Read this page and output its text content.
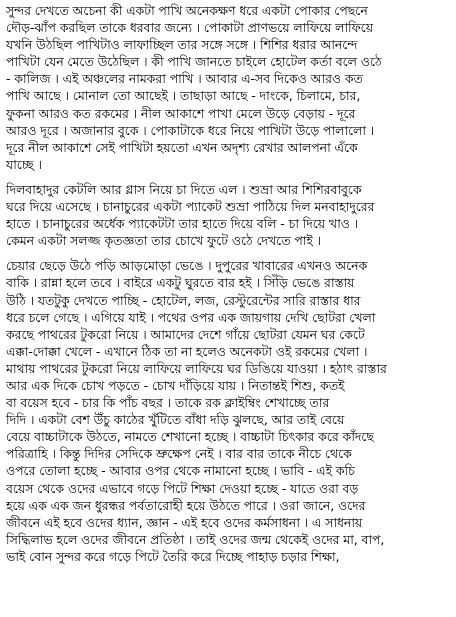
সুন্দর দেখতে অচেনা কী একটা পাখি অনেকক্ষণ ধরে একটা পোকার পেছনে
দৌড়-ঝাঁপ করছিল তাকে ধরবার জন্যে । পোকাটা প্রাণভয়ে লাফিয়ে লাফিয়ে
যখনি উঠছিল পাখিটাও লাফাচ্ছিল তার সঙ্গে সঙ্গে । শিশির ধরার আনন্দে
পাখিটা যেন মেতে উঠেছিল । কী পাখি জানতে চাইলে হোটেল কর্তা বলে ওঠে
- কালিজ । এই অঞ্চলের নামকরা পাখি । আবার এ-সব দিকেও আরও কত
পাখি আছে । মোনাল তো আছেই । তাছাড়া আছে - দাংকে, চিলামে, চার,
ফুকনা আরও কত রকমের । নীল আকাশে পাখা মেলে উড়ে বেড়ায় - দূরে
আরও দূরে । অজানার বুকে । পোকাটাকে ধরে নিয়ে পাখিটা উড়ে পালালো ।
দূরে নীল আকাশে সেই পাখিটা হয়তো এখন অদৃশ্য রেখার আলপনা এঁকে
যাচ্ছে ।
দিলবাহাদুর কেটলি আর গ্লাস নিয়ে চা দিতে এল । শুভ্রা আর শিশিরবাবুকে
ঘরে দিয়ে এসেছে । চানাচুরের একটা প্যাকেট শুভ্রা পাঠিয়ে দিল মনবাহাদুরের
হাতে । চানাচুরের অর্ধেক প্যাকেটটা তার হাতে দিয়ে বলি - চা দিয়ে খাও ।
কেমন একটা সলজ্জ কৃতজ্ঞতা তার চোখে ফুটে ওঠে দেখতে পাই ।
চেয়ার ছেড়ে উঠে পড়ি আড়মোড়া ভেঙে । দুপুরের খাবারের এখনও অনেক
বাকি । রান্না হলে তবে । বাইরে একটু ঘুরতে বার হই । সিঁড়ি ভেঙে রাস্তায়
উঠি । যতটুকু দেখতে পাচ্ছি - হোটেল, লজ, রেস্টুরেন্টের সারি রাস্তার ধার
ধরে চলে গেছে । এগিয়ে যাই । পথের ওপর এক জায়গায় দেখি ছোটরা খেলা
করছে পাথরের টুকরো নিয়ে । আমাদের দেশে গাঁয়ে ছোটরা যেমন ঘর কেটে
এক্কা-দোক্কা খেলে - এখানে ঠিক তা না হলেও অনেকটা ওই রকমের খেলা ।
মাথায় পাথরের টুকরো নিয়ে লাফিয়ে লাফিয়ে ঘর ডিঙিয়ে যাওয়া । হঠাৎ রাস্তার
আর এক দিকে চোখ পড়তে - চোখ দাঁড়িয়ে যায় । নিতান্তই শিশু, কতই
বা বয়েস হবে - চার কি পাঁচ বছর । তাকে রক ক্লাইম্বিং শেখাচ্ছে তার
দিদি । একটা বেশ উঁচু কাঠের খুঁটিতে বাঁধা দড়ি ঝুলছে, আর তাই বেয়ে
বেয়ে বাচ্চাটাকে উঠতে, নামতে শেখানো হচ্ছে । বাচ্চাটা চিৎকার করে কাঁদছে
পরিত্রাহি । কিন্তু দিদির সেদিকে ভ্রুক্ষেপ নেই । বার বার তাকে নীচে থেকে
ওপরে তোলা হচ্ছে - আবার ওপর থেকে নামানো হচ্ছে । ভাবি - এই কচি
বয়েস থেকে ওদের এভাবে গড়ে পিটে শিক্ষা দেওয়া হচ্ছে - যাতে ওরা বড়
হয়ে এক এক জন ধুরন্ধর পর্বতারোহী হয়ে উঠতে পারে । ওরা জানে, ওদের
জীবনে এই হবে ওদের ধ্যান, জ্ঞান - এই হবে ওদের কর্মসাধনা । এ সাধনায়
সিদ্ধিলাভ হলে ওদের জীবনে প্রতিষ্ঠা । তাই ওদের জন্ম থেকেই ওদের মা, বাপ,
ভাই বোন সুন্দর করে গড়ে পিটে তৈরি করে দিচ্ছে পাহাড় চড়ার শিক্ষা,
